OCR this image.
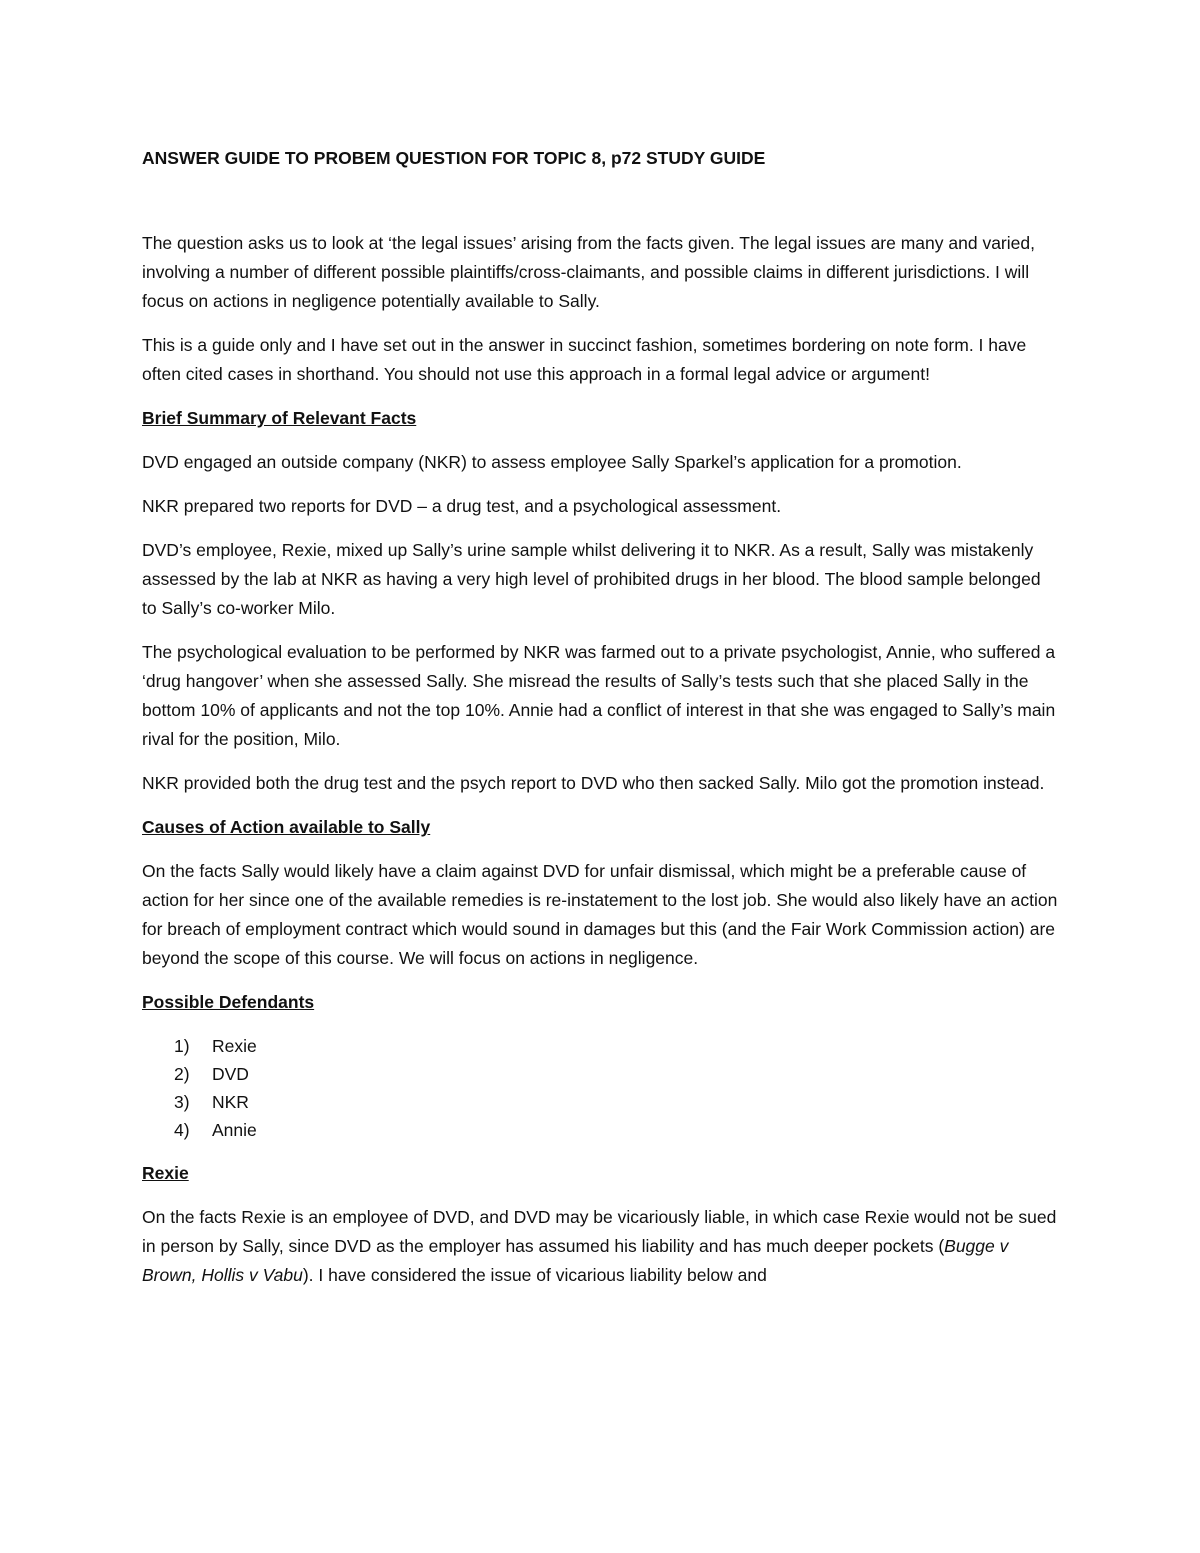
ANSWER GUIDE TO PROBEM QUESTION FOR TOPIC 8, p72 STUDY GUIDE

The question asks us to look at ‘the legal issues’ arising from the facts given. The legal issues are many and varied, involving a number of different possible plaintiffs/cross-claimants, and possible claims in different jurisdictions. I will focus on actions in negligence potentially available to Sally.

This is a guide only and I have set out in the answer in succinct fashion, sometimes bordering on note form. I have often cited cases in shorthand. You should not use this approach in a formal legal advice or argument!

Brief Summary of Relevant Facts

DVD engaged an outside company (NKR) to assess employee Sally Sparkel’s application for a promotion.

NKR prepared two reports for DVD – a drug test, and a psychological assessment.

DVD’s employee, Rexie, mixed up Sally’s urine sample whilst delivering it to NKR. As a result, Sally was mistakenly assessed by the lab at NKR as having a very high level of prohibited drugs in her blood. The blood sample belonged to Sally’s co-worker Milo.

The psychological evaluation to be performed by NKR was farmed out to a private psychologist, Annie, who suffered a ‘drug hangover’ when she assessed Sally. She misread the results of Sally’s tests such that she placed Sally in the bottom 10% of applicants and not the top 10%. Annie had a conflict of interest in that she was engaged to Sally’s main rival for the position, Milo.

NKR provided both the drug test and the psych report to DVD who then sacked Sally. Milo got the promotion instead.

Causes of Action available to Sally

On the facts Sally would likely have a claim against DVD for unfair dismissal, which might be a preferable cause of action for her since one of the available remedies is re-instatement to the lost job. She would also likely have an action for breach of employment contract which would sound in damages but this (and the Fair Work Commission action) are beyond the scope of this course. We will focus on actions in negligence.

Possible Defendants
1) Rexie
2) DVD
3) NKR
4) Annie
Rexie

On the facts Rexie is an employee of DVD, and DVD may be vicariously liable, in which case Rexie would not be sued in person by Sally, since DVD as the employer has assumed his liability and has much deeper pockets (Bugge v Brown, Hollis v Vabu). I have considered the issue of vicarious liability below and
